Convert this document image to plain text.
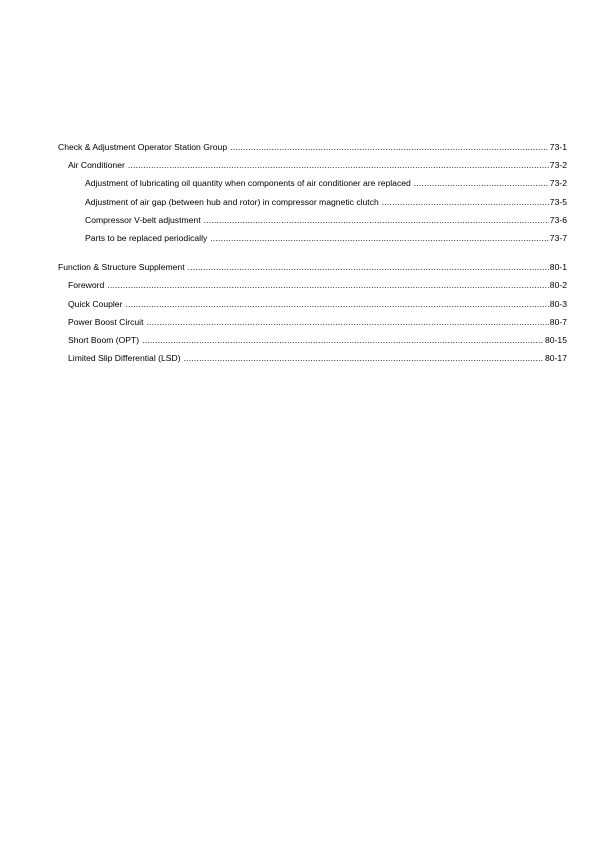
Check & Adjustment Operator Station Group .....	73-1
Air Conditioner .....	73-2
Adjustment of lubricating oil quantity when components of air conditioner are replaced .....	73-2
Adjustment of air gap (between hub and rotor) in compressor magnetic clutch .....	73-5
Compressor V-belt adjustment .....	73-6
Parts to be replaced periodically .....	73-7
Function & Structure Supplement .....	80-1
Foreword .....	80-2
Quick Coupler .....	80-3
Power Boost Circuit .....	80-7
Short Boom (OPT) .....	80-15
Limited Slip Differential (LSD) .....	80-17
